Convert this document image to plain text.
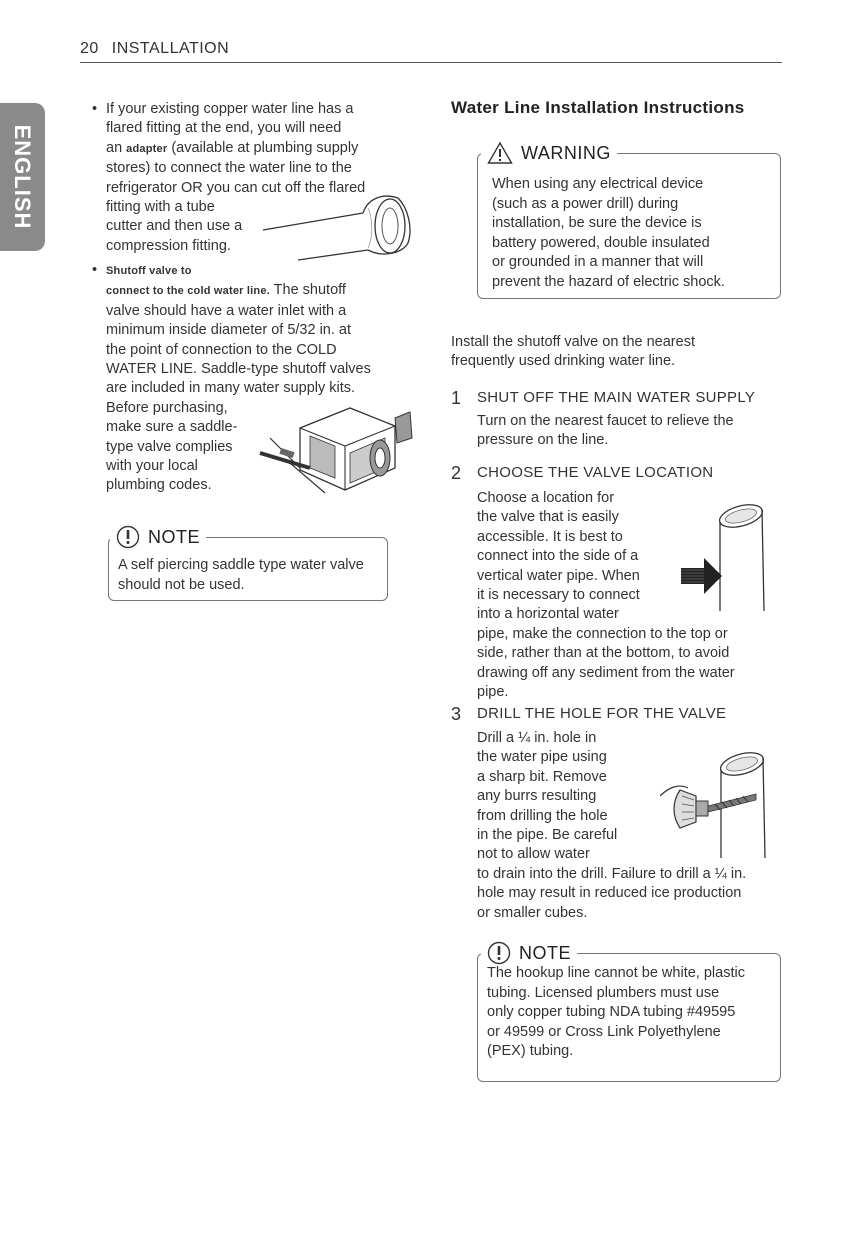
20 INSTALLATION
ENGLISH
• If your existing copper water line has a
flared fitting at the end, you will need
an adapter (available at plumbing supply
stores) to connect the water line to the
refrigerator OR you can cut off the flared
fitting with a tube
cutter and then use a
compression fitting.
• Shutoff valve to
connect to the cold water line. The shutoff
valve should have a water inlet with a
minimum inside diameter of 5/32 in. at
the point of connection to the COLD
WATER LINE. Saddle-type shutoff valves
are included in many water supply kits.
Before purchasing,
make sure a saddle-
type valve complies
with your local
plumbing codes.
NOTE
A self piercing saddle type water valve
should not be used.
Water Line Installation Instructions
WARNING
When using any electrical device
(such as a power drill) during
installation, be sure the device is
battery powered, double insulated
or grounded in a manner that will
prevent the hazard of electric shock.
Install the shutoff valve on the nearest
frequently used drinking water line.
1 SHUT OFF THE MAIN WATER SUPPLY
Turn on the nearest faucet to relieve the
pressure on the line.
2 CHOOSE THE VALVE LOCATION
Choose a location for
the valve that is easily
accessible. It is best to
connect into the side of a
vertical water pipe. When
it is necessary to connect
into a horizontal water
pipe, make the connection to the top or
side, rather than at the bottom, to avoid
drawing off any sediment from the water
pipe.
3 DRILL THE HOLE FOR THE VALVE
Drill a ¼ in. hole in
the water pipe using
a sharp bit. Remove
any burrs resulting
from drilling the hole
in the pipe. Be careful
not to allow water
to drain into the drill. Failure to drill a ¼ in.
hole may result in reduced ice production
or smaller cubes.
NOTE
The hookup line cannot be white, plastic
tubing. Licensed plumbers must use
only copper tubing NDA tubing #49595
or 49599 or Cross Link Polyethylene
(PEX) tubing.
